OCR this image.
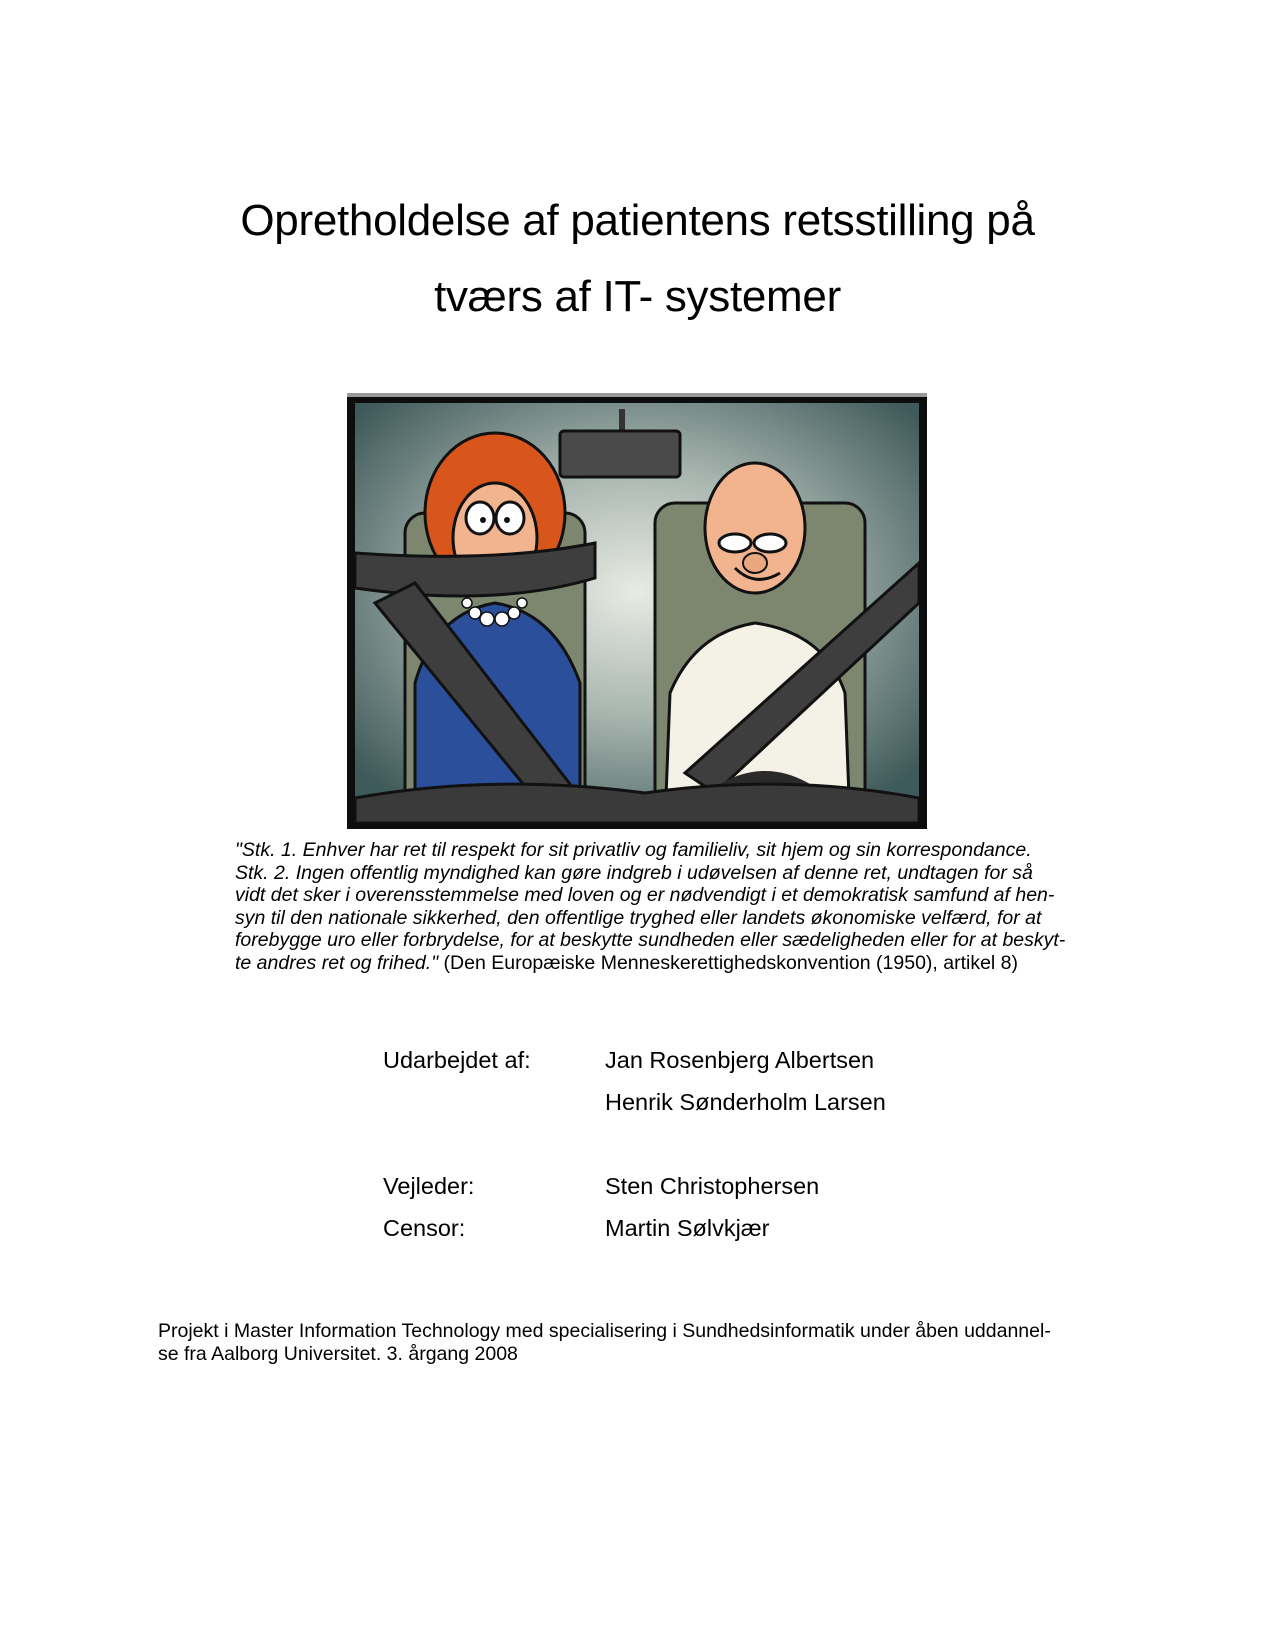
Opretholdelse af patientens retsstilling på
tværs af IT- systemer
"Stk. 1. Enhver har ret til respekt for sit privatliv og familieliv, sit hjem og sin korrespondance.
Stk. 2. Ingen offentlig myndighed kan gøre indgreb i udøvelsen af denne ret, undtagen for så
vidt det sker i overensstemmelse med loven og er nødvendigt i et demokratisk samfund af hen-
syn til den nationale sikkerhed, den offentlige tryghed eller landets økonomiske velfærd, for at
forebygge uro eller forbrydelse, for at beskytte sundheden eller sædeligheden eller for at beskyt-
te andres ret og frihed." (Den Europæiske Menneskerettighedskonvention (1950), artikel 8)
Udarbejdet af:	Jan Rosenbjerg Albertsen
Henrik Sønderholm Larsen
Vejleder:	Sten Christophersen
Censor:	Martin Sølvkjær
Projekt i Master Information Technology med specialisering i Sundhedsinformatik under åben uddannel-
se fra Aalborg Universitet. 3. årgang 2008
